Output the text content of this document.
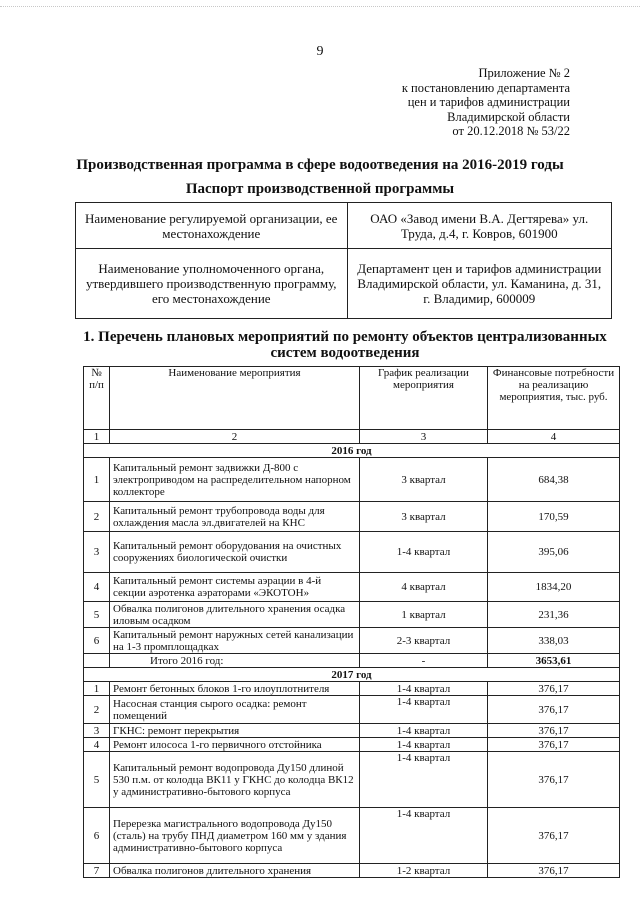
9
Приложение № 2
к постановлению департамента
цен и тарифов администрации
Владимирской области
от 20.12.2018 № 53/22
Производственная программа в сфере водоотведения на 2016-2019 годы
Паспорт производственной программы
Наименование регулируемой организации, ее местонахождение	ОАО «Завод имени В.А. Дегтярева» ул. Труда, д.4, г. Ковров, 601900
Наименование уполномоченного органа, утвердившего производственную программу, его местонахождение	Департамент цен и тарифов администрации Владимирской области, ул. Каманина, д. 31, г. Владимир, 600009
1. Перечень плановых мероприятий по ремонту объектов централизованных систем водоотведения
№ п/п	Наименование мероприятия	График реализации мероприятия	Финансовые потребности на реализацию мероприятия, тыс. руб.
1	2	3	4
2016 год			
1	Капитальный ремонт задвижки Д-800 с электроприводом на распределительном напорном коллекторе	3 квартал	684,38
2	Капитальный ремонт трубопровода воды для охлаждения масла эл.двигателей на КНС	3 квартал	170,59
3	Капитальный ремонт оборудования на очистных сооружениях биологической очистки	1-4 квартал	395,06
4	Капитальный ремонт системы аэрации в 4-й секции аэротенка аэраторами «ЭКОТОН»	4 квартал	1834,20
5	Обвалка полигонов длительного хранения осадка иловым осадком	1 квартал	231,36
6	Капитальный ремонт наружных сетей канализации на 1-3 промплощадках	2-3 квартал	338,03
	Итого 2016 год:	-	3653,61
2017 год			
1	Ремонт бетонных блоков 1-го илоуплотнителя	1-4 квартал	376,17
2	Насосная станция сырого осадка: ремонт помещений	1-4 квартал	376,17
3	ГКНС: ремонт перекрытия	1-4 квартал	376,17
4	Ремонт илососа 1-го первичного отстойника	1-4 квартал	376,17
5	Капитальный ремонт водопровода Ду150 длиной 530 п.м. от колодца ВК11 у ГКНС до колодца ВК12 у административно-бытового корпуса	1-4 квартал	376,17
6	Перерезка магистрального водопровода Ду150 (сталь) на трубу ПНД диаметром 160 мм у здания административно-бытового корпуса	1-4 квартал	376,17
7	Обвалка полигонов длительного хранения	1-2 квартал	376,17
